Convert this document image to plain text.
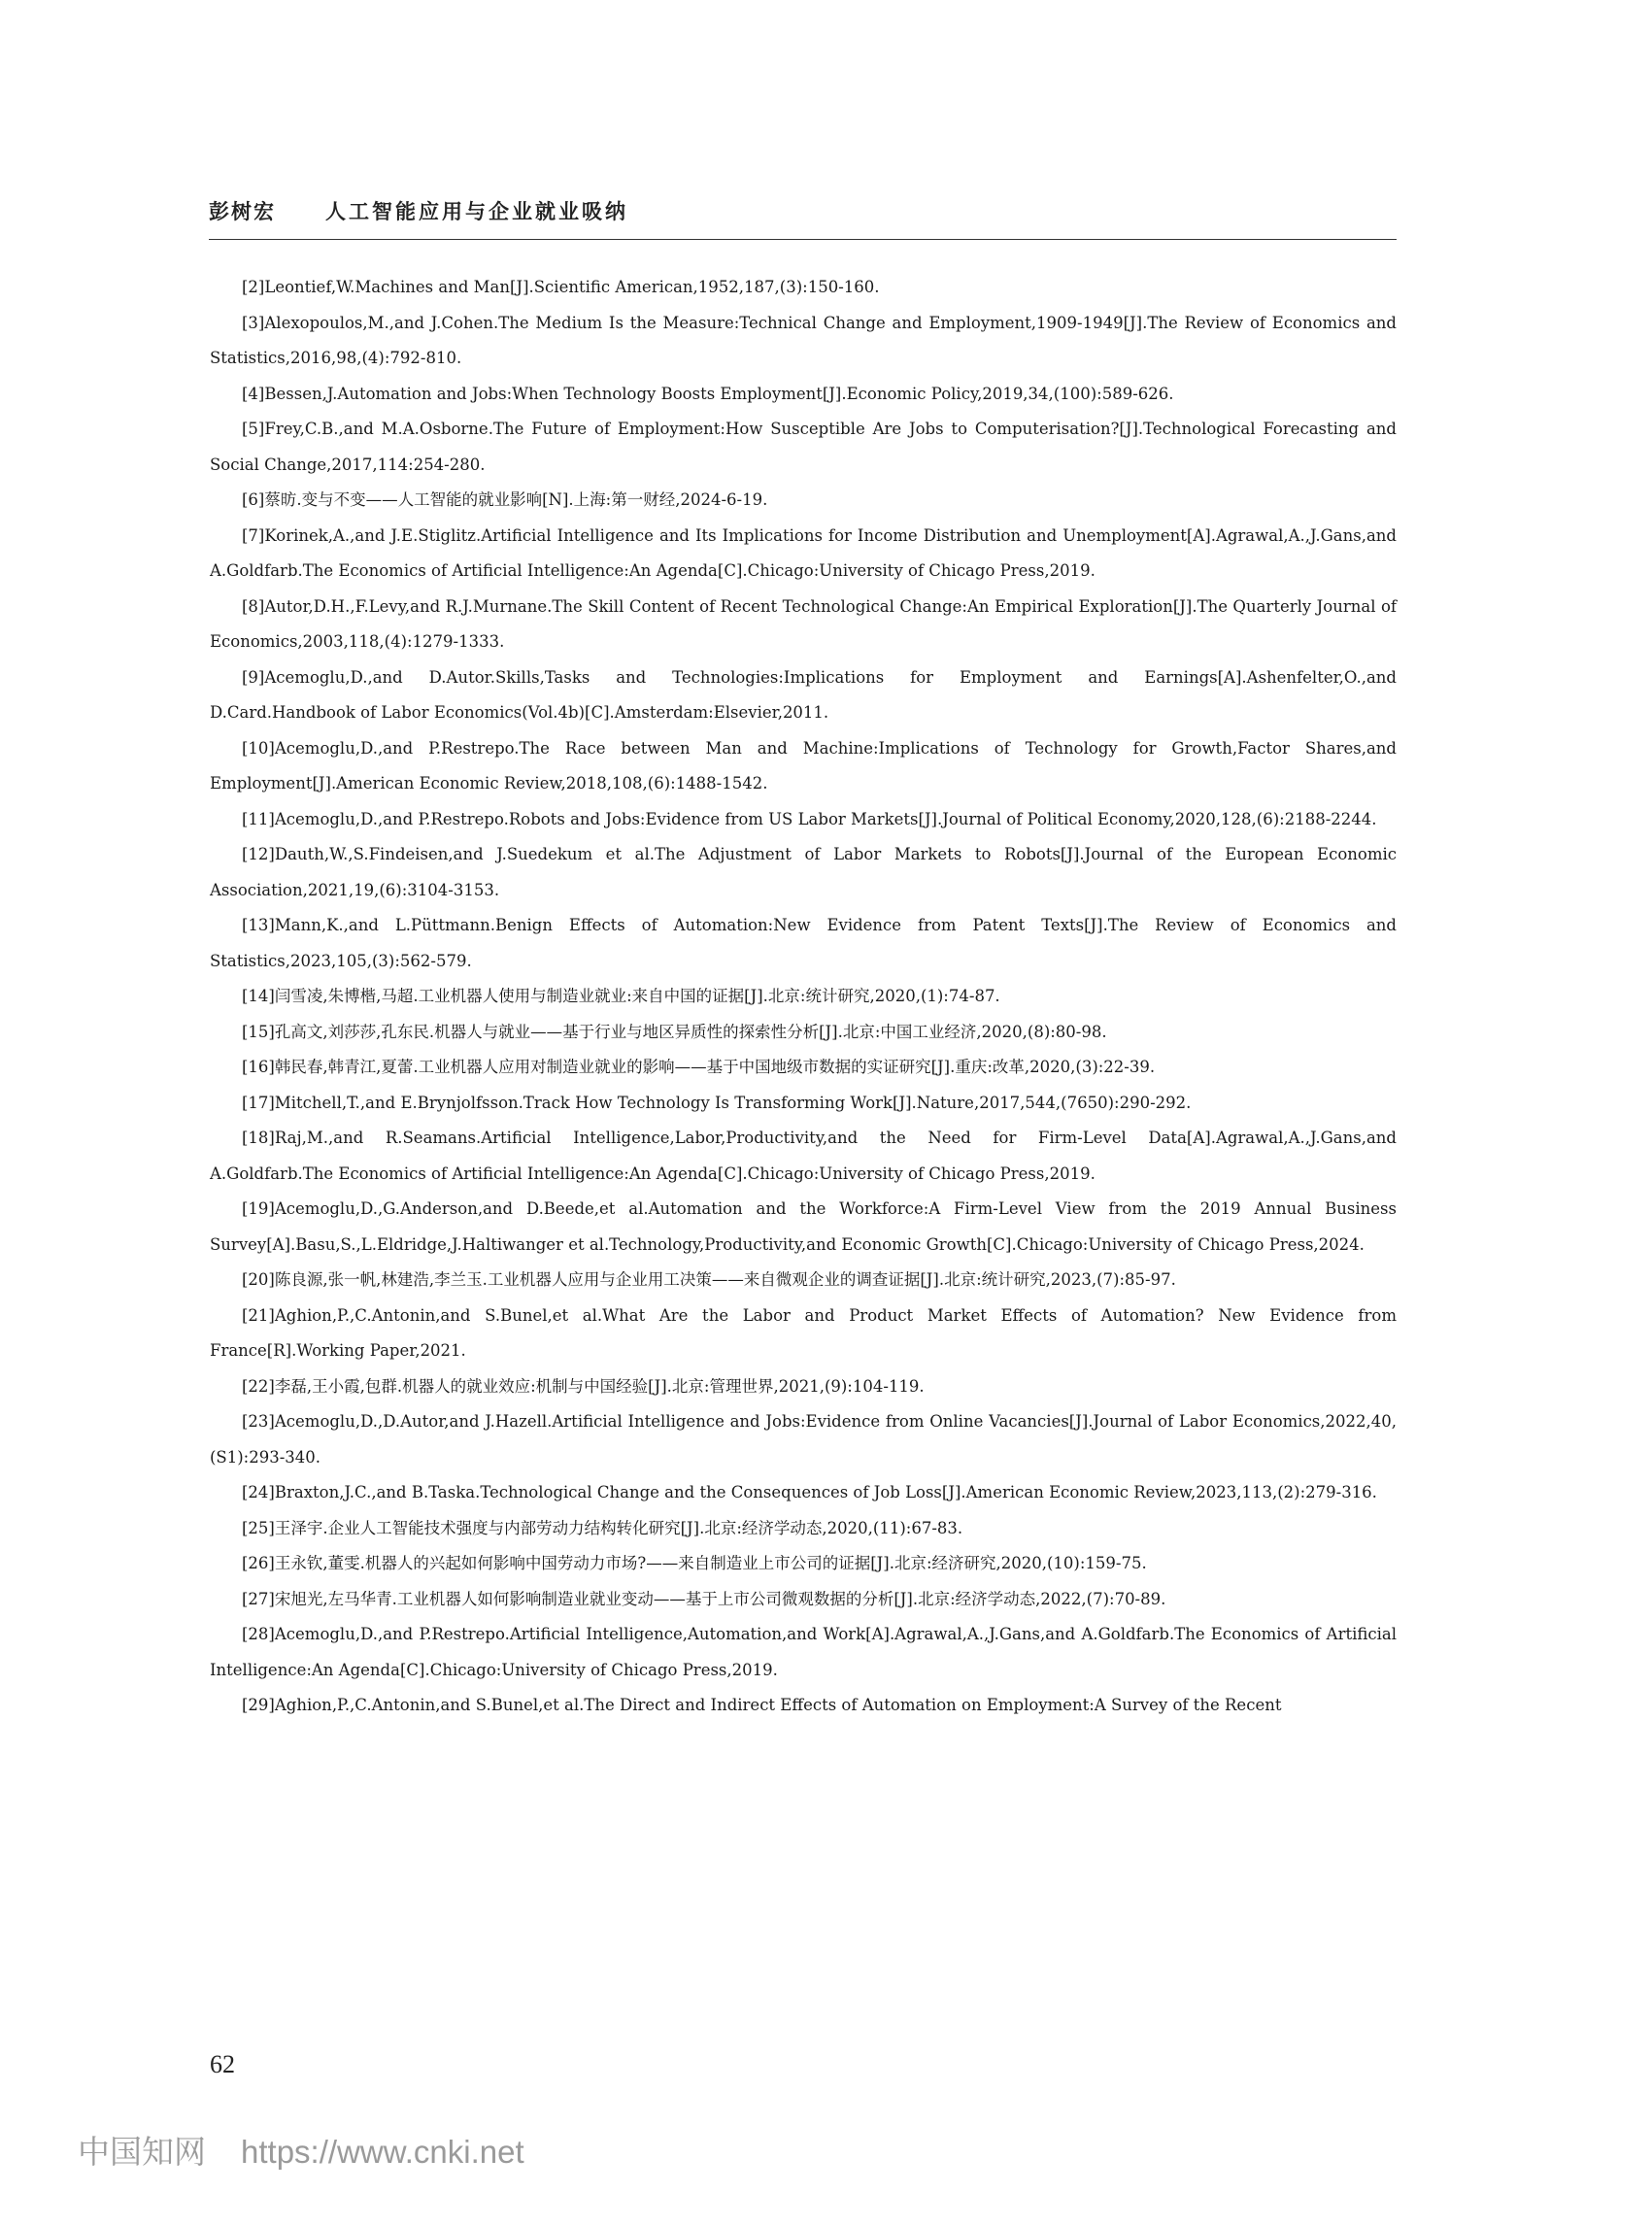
彭树宏 人工智能应用与企业就业吸纳

[2]Leontief,W.Machines and Man[J].Scientific American,1952,187,(3):150-160.

[3]Alexopoulos,M.,and J.Cohen.The Medium Is the Measure:Technical Change and Employment,1909-1949[J].The Review of Economics and Statistics,2016,98,(4):792-810.

[4]Bessen,J.Automation and Jobs:When Technology Boosts Employment[J].Economic Policy,2019,34,(100):589-626.

[5]Frey,C.B.,and M.A.Osborne.The Future of Employment:How Susceptible Are Jobs to Computerisation?[J].Technological Forecasting and Social Change,2017,114:254-280.

[6]蔡昉.变与不变——人工智能的就业影响[N].上海:第一财经,2024-6-19.

[7]Korinek,A.,and J.E.Stiglitz.Artificial Intelligence and Its Implications for Income Distribution and Unemployment[A].Agrawal,A.,J.Gans,and A.Goldfarb.The Economics of Artificial Intelligence:An Agenda[C].Chicago:University of Chicago Press,2019.

[8]Autor,D.H.,F.Levy,and R.J.Murnane.The Skill Content of Recent Technological Change:An Empirical Exploration[J].The Quarterly Journal of Economics,2003,118,(4):1279-1333.

[9]Acemoglu,D.,and D.Autor.Skills,Tasks and Technologies:Implications for Employment and Earnings[A].Ashenfelter,O.,and D.Card.Handbook of Labor Economics(Vol.4b)[C].Amsterdam:Elsevier,2011.

[10]Acemoglu,D.,and P.Restrepo.The Race between Man and Machine:Implications of Technology for Growth,Factor Shares,and Employment[J].American Economic Review,2018,108,(6):1488-1542.

[11]Acemoglu,D.,and P.Restrepo.Robots and Jobs:Evidence from US Labor Markets[J].Journal of Political Economy,2020,128,(6):2188-2244.

[12]Dauth,W.,S.Findeisen,and J.Suedekum et al.The Adjustment of Labor Markets to Robots[J].Journal of the European Economic Association,2021,19,(6):3104-3153.

[13]Mann,K.,and L.Püttmann.Benign Effects of Automation:New Evidence from Patent Texts[J].The Review of Economics and Statistics,2023,105,(3):562-579.

[14]闫雪凌,朱博楷,马超.工业机器人使用与制造业就业:来自中国的证据[J].北京:统计研究,2020,(1):74-87.

[15]孔高文,刘莎莎,孔东民.机器人与就业——基于行业与地区异质性的探索性分析[J].北京:中国工业经济,2020,(8):80-98.

[16]韩民春,韩青江,夏蕾.工业机器人应用对制造业就业的影响——基于中国地级市数据的实证研究[J].重庆:改革,2020,(3):22-39.

[17]Mitchell,T.,and E.Brynjolfsson.Track How Technology Is Transforming Work[J].Nature,2017,544,(7650):290-292.

[18]Raj,M.,and R.Seamans.Artificial Intelligence,Labor,Productivity,and the Need for Firm-Level Data[A].Agrawal,A.,J.Gans,and A.Goldfarb.The Economics of Artificial Intelligence:An Agenda[C].Chicago:University of Chicago Press,2019.

[19]Acemoglu,D.,G.Anderson,and D.Beede,et al.Automation and the Workforce:A Firm-Level View from the 2019 Annual Business Survey[A].Basu,S.,L.Eldridge,J.Haltiwanger et al.Technology,Productivity,and Economic Growth[C].Chicago:University of Chicago Press,2024.

[20]陈良源,张一帆,林建浩,李兰玉.工业机器人应用与企业用工决策——来自微观企业的调查证据[J].北京:统计研究,2023,(7):85-97.

[21]Aghion,P.,C.Antonin,and S.Bunel,et al.What Are the Labor and Product Market Effects of Automation? New Evidence from France[R].Working Paper,2021.

[22]李磊,王小霞,包群.机器人的就业效应:机制与中国经验[J].北京:管理世界,2021,(9):104-119.

[23]Acemoglu,D.,D.Autor,and J.Hazell.Artificial Intelligence and Jobs:Evidence from Online Vacancies[J].Journal of Labor Economics,2022,40,(S1):293-340.

[24]Braxton,J.C.,and B.Taska.Technological Change and the Consequences of Job Loss[J].American Economic Review,2023,113,(2):279-316.

[25]王泽宇.企业人工智能技术强度与内部劳动力结构转化研究[J].北京:经济学动态,2020,(11):67-83.

[26]王永钦,董雯.机器人的兴起如何影响中国劳动力市场?——来自制造业上市公司的证据[J].北京:经济研究,2020,(10):159-75.

[27]宋旭光,左马华青.工业机器人如何影响制造业就业变动——基于上市公司微观数据的分析[J].北京:经济学动态,2022,(7):70-89.

[28]Acemoglu,D.,and P.Restrepo.Artificial Intelligence,Automation,and Work[A].Agrawal,A.,J.Gans,and A.Goldfarb.The Economics of Artificial Intelligence:An Agenda[C].Chicago:University of Chicago Press,2019.

[29]Aghion,P.,C.Antonin,and S.Bunel,et al.The Direct and Indirect Effects of Automation on Employment:A Survey of the Recent

62
中国知网 https://www.cnki.net
